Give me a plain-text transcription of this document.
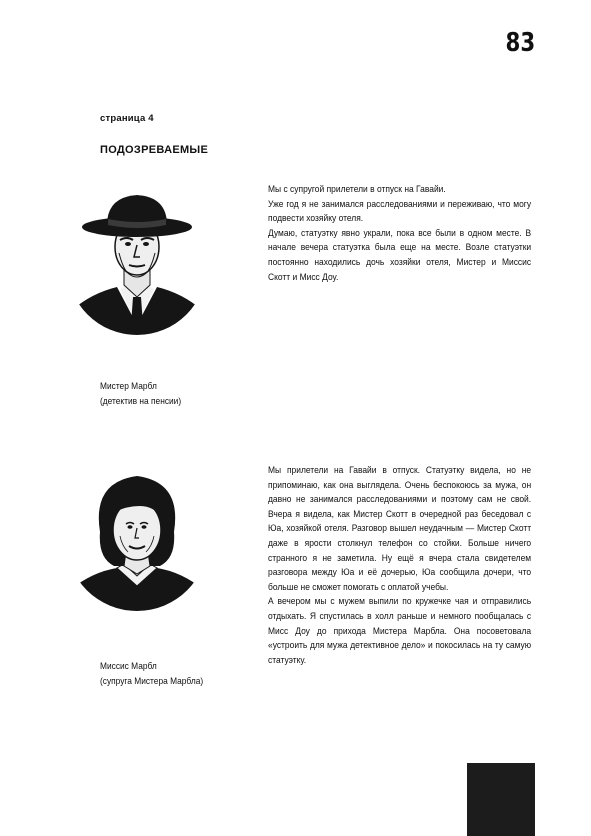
83
страница 4
ПОДОЗРЕВАЕМЫЕ
Мистер Марбл
(детектив на пенсии)

Мы с супругой прилетели в отпуск на Гавайи.

Уже год я не занимался расследованиями и переживаю, что могу подвести хозяйку отеля.

Думаю, статуэтку явно украли, пока все были в одном месте. В начале вечера статуэтка была еще на месте. Возле статуэтки постоянно находились дочь хозяйки отеля, Мистер и Миссис Скотт и Мисс Доу.

Миссис Марбл
(супруга Мистера Марбла)

Мы прилетели на Гавайи в отпуск. Статуэтку видела, но не припоминаю, как она выглядела. Очень беспокоюсь за мужа, он давно не занимался расследованиями и поэтому сам не свой. Вчера я видела, как Мистер Скотт в очередной раз беседовал с Юа, хозяйкой отеля. Разговор вышел неудачным — Мистер Скотт даже в ярости столкнул телефон со стойки. Больше ничего странного я не заметила. Ну ещё я вчера стала свидетелем разговора между Юа и её дочерью, Юа сообщила дочери, что больше не сможет помогать с оплатой учебы.

А вечером мы с мужем выпили по кружечке чая и отправились отдыхать. Я спустилась в холл раньше и немного пообщалась с Мисс Доу до прихода Мистера Марбла. Она посоветовала «устроить для мужа детективное дело» и покосилась на ту самую статуэтку.
